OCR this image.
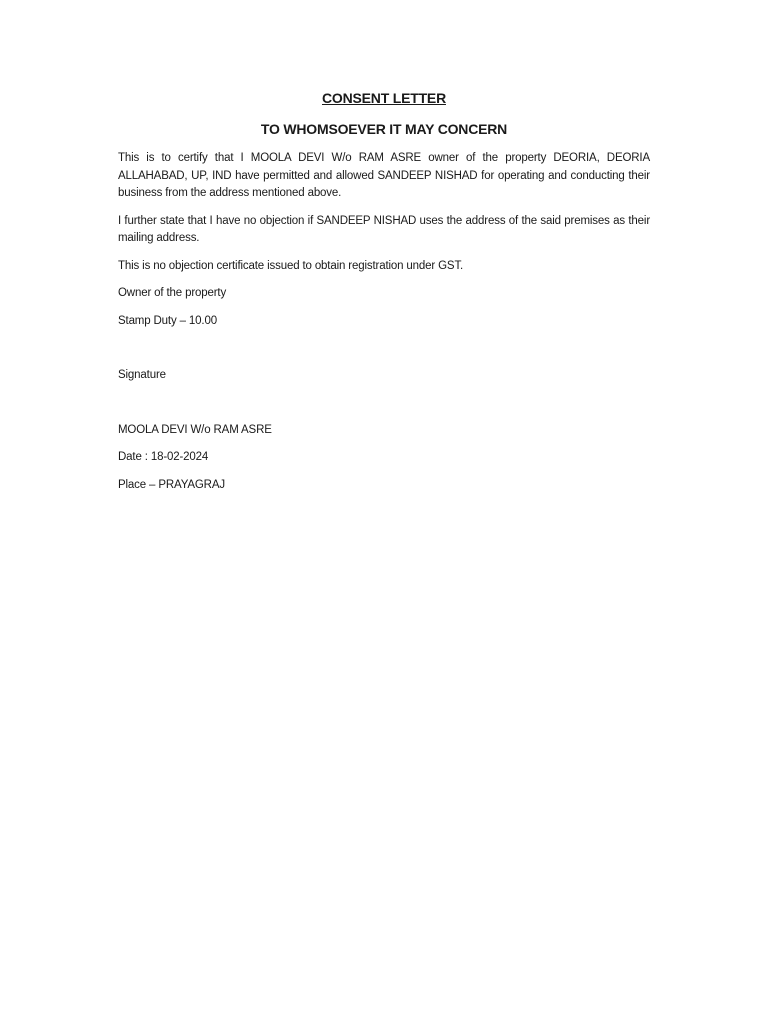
CONSENT LETTER
TO WHOMSOEVER IT MAY CONCERN

This is to certify that I MOOLA DEVI W/o RAM ASRE owner of the property DEORIA, DEORIA ALLAHABAD, UP, IND have permitted and allowed SANDEEP NISHAD for operating and conducting their business from the address mentioned above.

I further state that I have no objection if SANDEEP NISHAD uses the address of the said premises as their mailing address.

This is no objection certificate issued to obtain registration under GST.

Owner of the property

Stamp Duty – 10.00

Signature

MOOLA DEVI W/o RAM ASRE

Date : 18-02-2024

Place – PRAYAGRAJ
